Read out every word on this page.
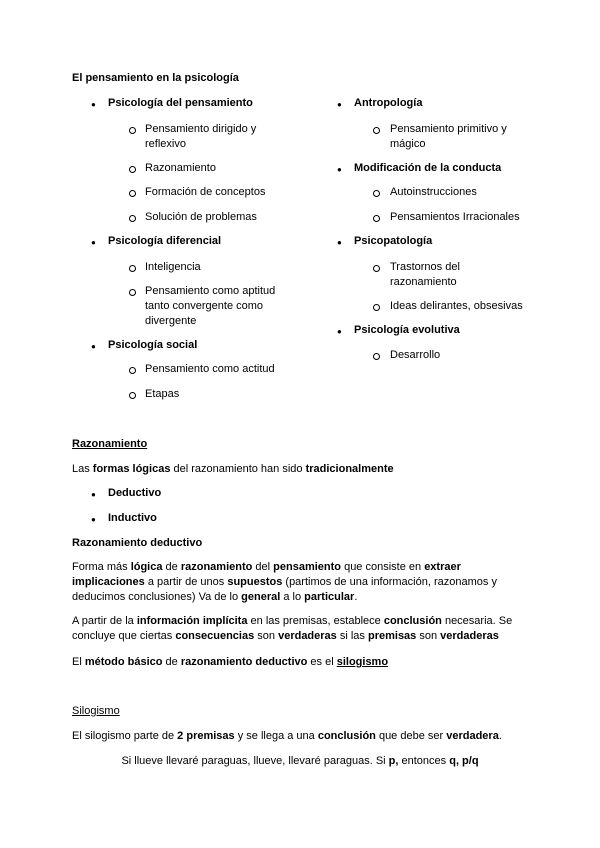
El pensamiento en la psicología
● Psicología del pensamiento
Pensamiento dirigido y reflexivo
Razonamiento
Formación de conceptos
Solución de problemas
● Psicología diferencial
Inteligencia
Pensamiento como aptitud tanto convergente como divergente
● Psicología social
Pensamiento como actitud
Etapas
● Antropología
Pensamiento primitivo y mágico
● Modificación de la conducta
Autoinstrucciones
Pensamientos Irracionales
● Psicopatología
Trastornos del razonamiento
Ideas delirantes, obsesivas
● Psicología evolutiva
Desarrollo
Razonamiento

Las formas lógicas del razonamiento han sido tradicionalmente

● Deductivo
● Inductivo
Razonamiento deductivo

Forma más lógica de razonamiento del pensamiento que consiste en extraer implicaciones a partir de unos supuestos (partimos de una información, razonamos y deducimos conclusiones) Va de lo general a lo particular.

A partir de la información implícita en las premisas, establece conclusión necesaria. Se concluye que ciertas consecuencias son verdaderas si las premisas son verdaderas

El método básico de razonamiento deductivo es el silogismo

Silogismo

El silogismo parte de 2 premisas y se llega a una conclusión que debe ser verdadera.

Si llueve llevaré paraguas, llueve, llevaré paraguas. Si p, entonces q, p/q
